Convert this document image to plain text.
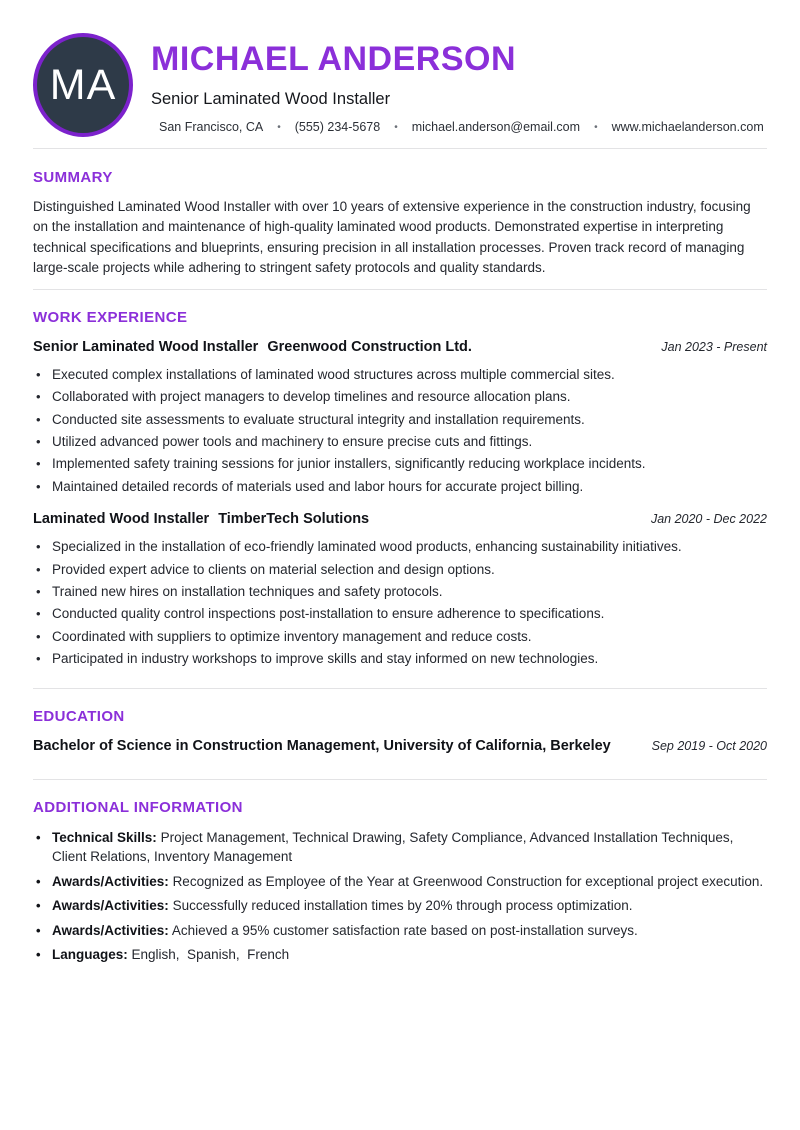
MA
MICHAEL ANDERSON
Senior Laminated Wood Installer
San Francisco, CA • (555) 234-5678 • michael.anderson@email.com • www.michaelanderson.com
SUMMARY

Distinguished Laminated Wood Installer with over 10 years of extensive experience in the construction industry, focusing on the installation and maintenance of high-quality laminated wood products. Demonstrated expertise in interpreting technical specifications and blueprints, ensuring precision in all installation processes. Proven track record of managing large-scale projects while adhering to stringent safety protocols and quality standards.

WORK EXPERIENCE
Senior Laminated Wood Installer Greenwood Construction Ltd.	Jan 2023 - Present
• Executed complex installations of laminated wood structures across multiple commercial sites.
• Collaborated with project managers to develop timelines and resource allocation plans.
• Conducted site assessments to evaluate structural integrity and installation requirements.
• Utilized advanced power tools and machinery to ensure precise cuts and fittings.
• Implemented safety training sessions for junior installers, significantly reducing workplace incidents.
• Maintained detailed records of materials used and labor hours for accurate project billing.
Laminated Wood Installer TimberTech Solutions	Jan 2020 - Dec 2022
• Specialized in the installation of eco-friendly laminated wood products, enhancing sustainability initiatives.
• Provided expert advice to clients on material selection and design options.
• Trained new hires on installation techniques and safety protocols.
• Conducted quality control inspections post-installation to ensure adherence to specifications.
• Coordinated with suppliers to optimize inventory management and reduce costs.
• Participated in industry workshops to improve skills and stay informed on new technologies.
EDUCATION
Bachelor of Science in Construction Management, University of California, Berkeley	Sep 2019 - Oct 2020
ADDITIONAL INFORMATION
• Technical Skills: Project Management, Technical Drawing, Safety Compliance, Advanced Installation Techniques, Client Relations, Inventory Management
• Awards/Activities: Recognized as Employee of the Year at Greenwood Construction for exceptional project execution.
• Awards/Activities: Successfully reduced installation times by 20% through process optimization.
• Awards/Activities: Achieved a 95% customer satisfaction rate based on post-installation surveys.
• Languages: English,  Spanish,  French
